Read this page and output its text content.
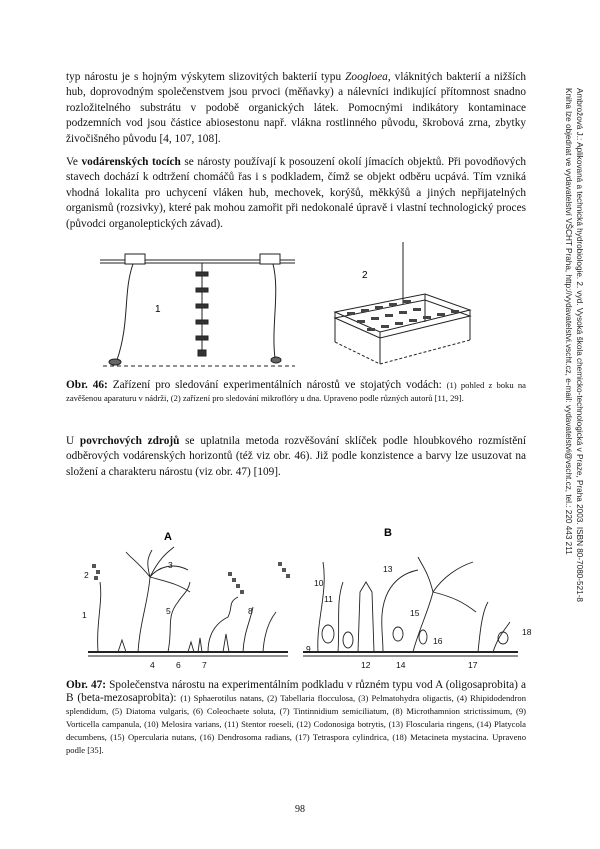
typ nárostu je s hojným výskytem slizovitých bakterií typu Zoogloea, vláknitých bakterií a nižších hub, doprovodným společenstvem jsou prvoci (měňavky) a nálevníci indikující přítomnost snadno rozložitelného substrátu v podobě organických látek. Pomocnými indikátory kontaminace podzemních vod jsou částice abiosestonu např. vlákna rostlinného původu, škrobová zrna, zbytky živočišného původu [4, 107, 108].

Ve vodárenských tocích se nárosty používají k posouzení okolí jímacích objektů. Při povodňových stavech dochází k odtržení chomáčů řas i s podkladem, čímž se objekt odběru ucpává. Tím vzniká vhodná lokalita pro uchycení vláken hub, mechovek, korýšů, měkkýšů a jiných nepřijatelných organismů (rozsivky), které pak mohou zamořit při nedokonalé úpravě i vlastní technologický proces (původci organoleptických závad).

1
2

Obr. 46: Zařízení pro sledování experimentálních nárostů ve stojatých vodách: (1) pohled z boku na zavěšenou aparaturu v nádrži, (2) zařízení pro sledování mikroflóry u dna. Upraveno podle různých autorů [11, 29].

U povrchových zdrojů se uplatnila metoda rozvěšování sklíček podle hloubkového rozmístění odběrových vodárenských horizontů (též viz obr. 46). Již podle konzistence a barvy lze usuzovat na složení a charakteru nárostu (viz obr. 47) [109].

A	B
1
2
3
4
5
6	7
8
9
10
11
12
13
14
15
16
17
18

Obr. 47: Společenstva nárostu na experimentálním podkladu v různém typu vod A (oligosaprobita) a B (beta-mezosaprobita): (1) Sphaerotilus natans, (2) Tabellaria flocculosa, (3) Pelmatohydra oligactis, (4) Rhipidodendron splendidum, (5) Diatoma vulgaris, (6) Coleochaete soluta, (7) Tintinnidium semiciliatum, (8) Microthamnion strictissimum, (9) Vorticella campanula, (10) Melosira varians, (11) Stentor roeseli, (12) Codonosiga botrytis, (13) Floscularia ringens, (14) Platycola decumbens, (15) Opercularia nutans, (16) Dendrosoma radians, (17) Tetraspora cylindrica, (18) Metacineta mystacina. Upraveno podle [35].

Ambrožová J.: Aplikovaná a technická hydrobiologie. 2. vyd. Vysoká škola chemicko-technologická v Praze, Praha 2003. ISBN 80-7080-521-8
Kniha lze objednat ve vydavatelství VŠCHT Praha, http://vydavatelstvi.vscht.cz, e-mail: vydavatelstvi@vscht.cz, tel.: 220 443 211
98
